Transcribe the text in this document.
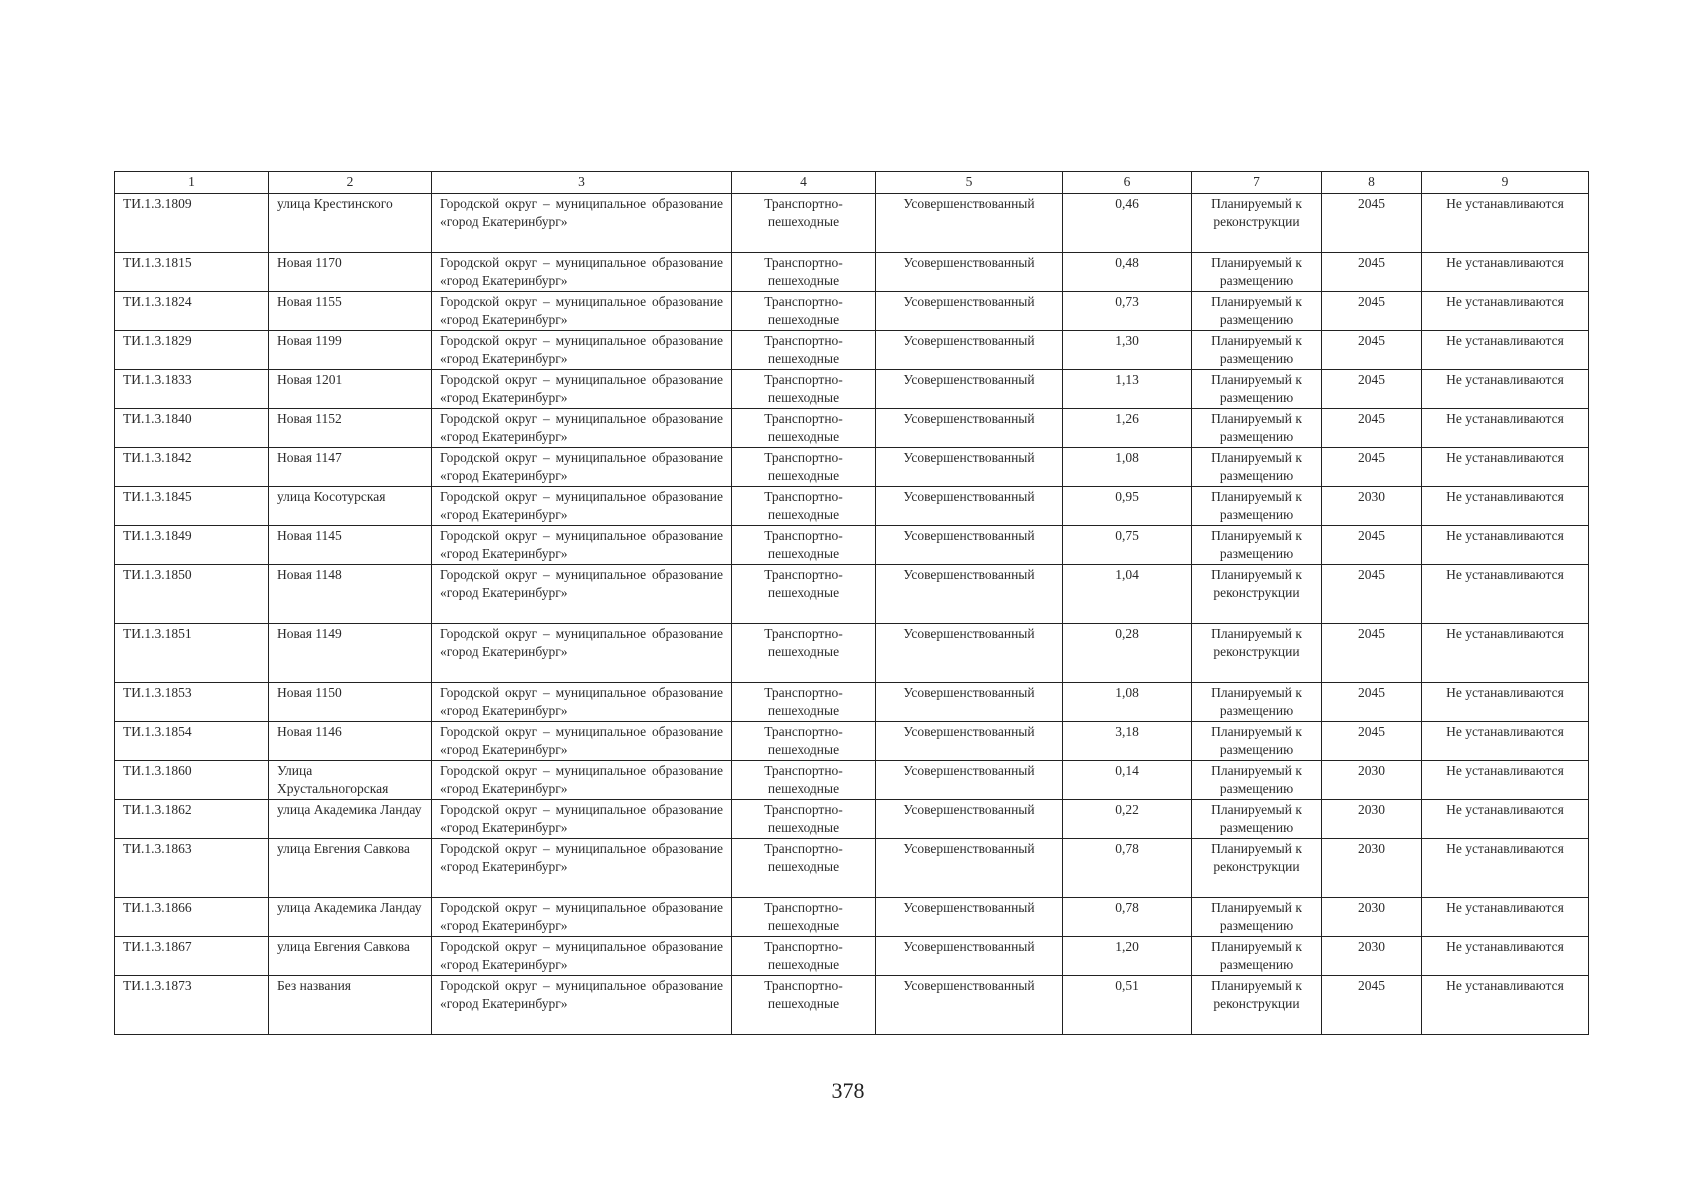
1	2	3	4	5	6	7	8	9
ТИ.1.3.1809	улица Крестинского	Городской округ – муниципальное образование «город Екатеринбург»	Транспортно-пешеходные	Усовершенствованный	0,46	Планируемый к реконструкции	2045	Не устанавливаются
ТИ.1.3.1815	Новая 1170	Городской округ – муниципальное образование «город Екатеринбург»	Транспортно-пешеходные	Усовершенствованный	0,48	Планируемый к размещению	2045	Не устанавливаются
ТИ.1.3.1824	Новая 1155	Городской округ – муниципальное образование «город Екатеринбург»	Транспортно-пешеходные	Усовершенствованный	0,73	Планируемый к размещению	2045	Не устанавливаются
ТИ.1.3.1829	Новая 1199	Городской округ – муниципальное образование «город Екатеринбург»	Транспортно-пешеходные	Усовершенствованный	1,30	Планируемый к размещению	2045	Не устанавливаются
ТИ.1.3.1833	Новая 1201	Городской округ – муниципальное образование «город Екатеринбург»	Транспортно-пешеходные	Усовершенствованный	1,13	Планируемый к размещению	2045	Не устанавливаются
ТИ.1.3.1840	Новая 1152	Городской округ – муниципальное образование «город Екатеринбург»	Транспортно-пешеходные	Усовершенствованный	1,26	Планируемый к размещению	2045	Не устанавливаются
ТИ.1.3.1842	Новая 1147	Городской округ – муниципальное образование «город Екатеринбург»	Транспортно-пешеходные	Усовершенствованный	1,08	Планируемый к размещению	2045	Не устанавливаются
ТИ.1.3.1845	улица Косотурская	Городской округ – муниципальное образование «город Екатеринбург»	Транспортно-пешеходные	Усовершенствованный	0,95	Планируемый к размещению	2030	Не устанавливаются
ТИ.1.3.1849	Новая 1145	Городской округ – муниципальное образование «город Екатеринбург»	Транспортно-пешеходные	Усовершенствованный	0,75	Планируемый к размещению	2045	Не устанавливаются
ТИ.1.3.1850	Новая 1148	Городской округ – муниципальное образование «город Екатеринбург»	Транспортно-пешеходные	Усовершенствованный	1,04	Планируемый к реконструкции	2045	Не устанавливаются
ТИ.1.3.1851	Новая 1149	Городской округ – муниципальное образование «город Екатеринбург»	Транспортно-пешеходные	Усовершенствованный	0,28	Планируемый к реконструкции	2045	Не устанавливаются
ТИ.1.3.1853	Новая 1150	Городской округ – муниципальное образование «город Екатеринбург»	Транспортно-пешеходные	Усовершенствованный	1,08	Планируемый к размещению	2045	Не устанавливаются
ТИ.1.3.1854	Новая 1146	Городской округ – муниципальное образование «город Екатеринбург»	Транспортно-пешеходные	Усовершенствованный	3,18	Планируемый к размещению	2045	Не устанавливаются
ТИ.1.3.1860	Улица Хрустальногорская	Городской округ – муниципальное образование «город Екатеринбург»	Транспортно-пешеходные	Усовершенствованный	0,14	Планируемый к размещению	2030	Не устанавливаются
ТИ.1.3.1862	улица Академика Ландау	Городской округ – муниципальное образование «город Екатеринбург»	Транспортно-пешеходные	Усовершенствованный	0,22	Планируемый к размещению	2030	Не устанавливаются
ТИ.1.3.1863	улица Евгения Савкова	Городской округ – муниципальное образование «город Екатеринбург»	Транспортно-пешеходные	Усовершенствованный	0,78	Планируемый к реконструкции	2030	Не устанавливаются
ТИ.1.3.1866	улица Академика Ландау	Городской округ – муниципальное образование «город Екатеринбург»	Транспортно-пешеходные	Усовершенствованный	0,78	Планируемый к размещению	2030	Не устанавливаются
ТИ.1.3.1867	улица Евгения Савкова	Городской округ – муниципальное образование «город Екатеринбург»	Транспортно-пешеходные	Усовершенствованный	1,20	Планируемый к размещению	2030	Не устанавливаются
ТИ.1.3.1873	Без названия	Городской округ – муниципальное образование «город Екатеринбург»	Транспортно-пешеходные	Усовершенствованный	0,51	Планируемый к реконструкции	2045	Не устанавливаются
378
